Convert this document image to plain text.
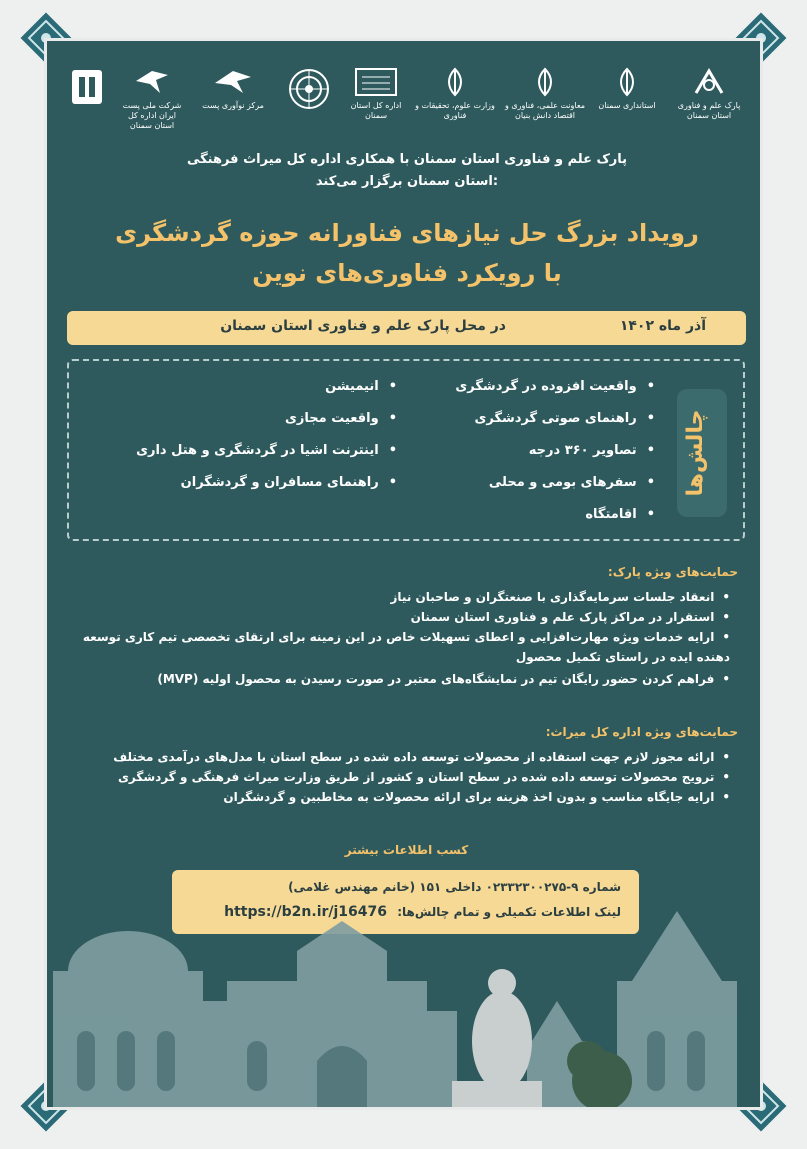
پارک علم و فناوری استان سمنان
استانداری سمنان
معاونت علمی، فناوری و اقتصاد دانش بنیان
وزارت علوم، تحقیقات و فناوری
اداره کل استان سمنان
مرکز نوآوری پست
شرکت ملی پست ایران اداره کل استان سمنان
پارک علم و فناوری استان سمنان با همکاری اداره کل میراث فرهنگی
استان سمنان برگزار می‌کند:
رویداد بزرگ حل نیازهای فناورانه حوزه گردشگری
با رویکرد فناوری‌های نوین
آذر ماه ۱۴۰۲
در محل پارک علم و فناوری استان سمنان
چالش‌ها
• واقعیت افزوده در گردشگری
• راهنمای صوتی گردشگری
• تصاویر ۳۶۰ درجه
• سفرهای بومی و محلی
• اقامتگاه
• انیمیشن
• واقعیت مجازی
• اینترنت اشیا در گردشگری و هتل داری
• راهنمای مسافران و گردشگران
حمایت‌های ویژه پارک:
• انعقاد جلسات سرمایه‌گذاری با صنعتگران و صاحبان نیاز
• استقرار در مراکز پارک علم و فناوری استان سمنان
• ارایه خدمات ویژه مهارت‌افزایی و اعطای تسهیلات خاص در این زمینه برای ارتقای تخصصی تیم کاری توسعه دهنده ایده در راستای تکمیل محصول
• فراهم کردن حضور رایگان تیم در نمایشگاه‌های معتبر در صورت رسیدن به محصول اولیه (MVP)
حمایت‌های ویژه اداره کل میراث:
• ارائه مجوز لازم جهت استفاده از محصولات توسعه داده شده در سطح استان با مدل‌های درآمدی مختلف
• ترویج محصولات توسعه داده شده در سطح استان و کشور از طریق وزارت میراث فرهنگی و گردشگری
• ارایه جایگاه مناسب و بدون اخذ هزینه برای ارائه محصولات به مخاطبین و گردشگران
کسب اطلاعات بیشتر
شماره ۹-۰۲۳۳۲۳۰۰۲۷۵ داخلی ۱۵۱ (خانم مهندس غلامی)
لینک اطلاعات تکمیلی و تمام چالش‌ها: https://b2n.ir/j16476
